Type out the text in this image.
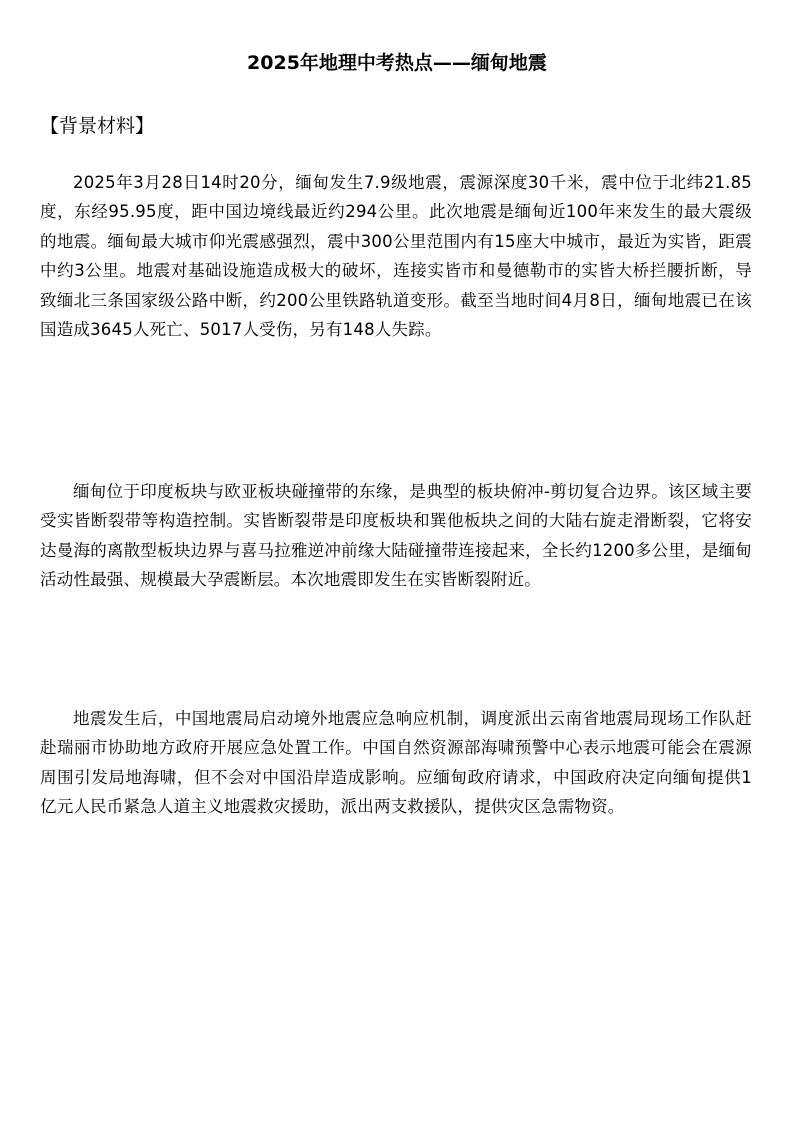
2025年地理中考热点——缅甸地震
【背景材料】

2025年3月28日14时20分，缅甸发生7.9级地震，震源深度30千米，震中位于北纬21.85度，东经95.95度，距中国边境线最近约294公里。此次地震是缅甸近100年来发生的最大震级的地震。缅甸最大城市仰光震感强烈，震中300公里范围内有15座大中城市，最近为实皆，距震中约3公里。地震对基础设施造成极大的破坏，连接实皆市和曼德勒市的实皆大桥拦腰折断，导致缅北三条国家级公路中断，约200公里铁路轨道变形。截至当地时间4月8日，缅甸地震已在该国造成3645人死亡、5017人受伤，另有148人失踪。

缅甸位于印度板块与欧亚板块碰撞带的东缘，是典型的板块俯冲-剪切复合边界。该区域主要受实皆断裂带等构造控制。实皆断裂带是印度板块和巽他板块之间的大陆右旋走滑断裂，它将安达曼海的离散型板块边界与喜马拉雅逆冲前缘大陆碰撞带连接起来，全长约1200多公里，是缅甸活动性最强、规模最大孕震断层。本次地震即发生在实皆断裂附近。

地震发生后，中国地震局启动境外地震应急响应机制，调度派出云南省地震局现场工作队赶赴瑞丽市协助地方政府开展应急处置工作。中国自然资源部海啸预警中心表示地震可能会在震源周围引发局地海啸，但不会对中国沿岸造成影响。应缅甸政府请求，中国政府决定向缅甸提供1亿元人民币紧急人道主义地震救灾援助，派出两支救援队，提供灾区急需物资。
